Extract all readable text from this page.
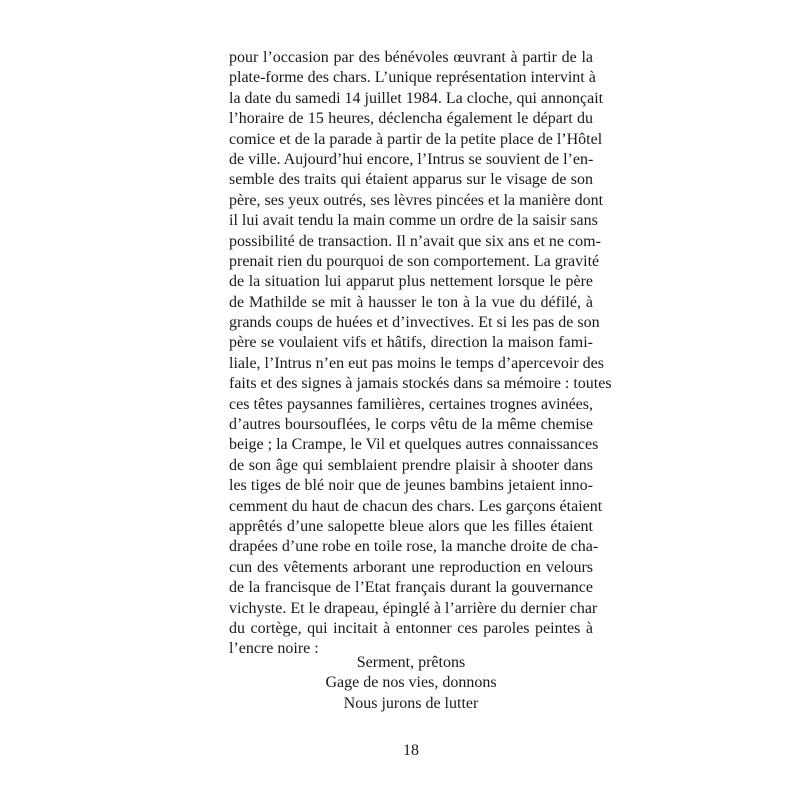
pour l’occasion par des bénévoles œuvrant à partir de la
plate-forme des chars. L’unique représentation intervint à
la date du samedi 14 juillet 1984. La cloche, qui annonçait
l’horaire de 15 heures, déclencha également le départ du
comice et de la parade à partir de la petite place de l’Hôtel
de ville. Aujourd’hui encore, l’Intrus se souvient de l’en-
semble des traits qui étaient apparus sur le visage de son
père, ses yeux outrés, ses lèvres pincées et la manière dont
il lui avait tendu la main comme un ordre de la saisir sans
possibilité de transaction. Il n’avait que six ans et ne com-
prenait rien du pourquoi de son comportement. La gravité
de la situation lui apparut plus nettement lorsque le père
de Mathilde se mit à hausser le ton à la vue du défilé, à
grands coups de huées et d’invectives. Et si les pas de son
père se voulaient vifs et hâtifs, direction la maison fami-
liale, l’Intrus n’en eut pas moins le temps d’apercevoir des
faits et des signes à jamais stockés dans sa mémoire : toutes
ces têtes paysannes familières, certaines trognes avinées,
d’autres boursouflées, le corps vêtu de la même chemise
beige ; la Crampe, le Vil et quelques autres connaissances
de son âge qui semblaient prendre plaisir à shooter dans
les tiges de blé noir que de jeunes bambins jetaient inno-
cemment du haut de chacun des chars. Les garçons étaient
apprêtés d’une salopette bleue alors que les filles étaient
drapées d’une robe en toile rose, la manche droite de cha-
cun des vêtements arborant une reproduction en velours
de la francisque de l’Etat français durant la gouvernance
vichyste. Et le drapeau, épinglé à l’arrière du dernier char
du cortège, qui incitait à entonner ces paroles peintes à
l’encre noire :
Serment, prêtons
Gage de nos vies, donnons
Nous jurons de lutter
18
